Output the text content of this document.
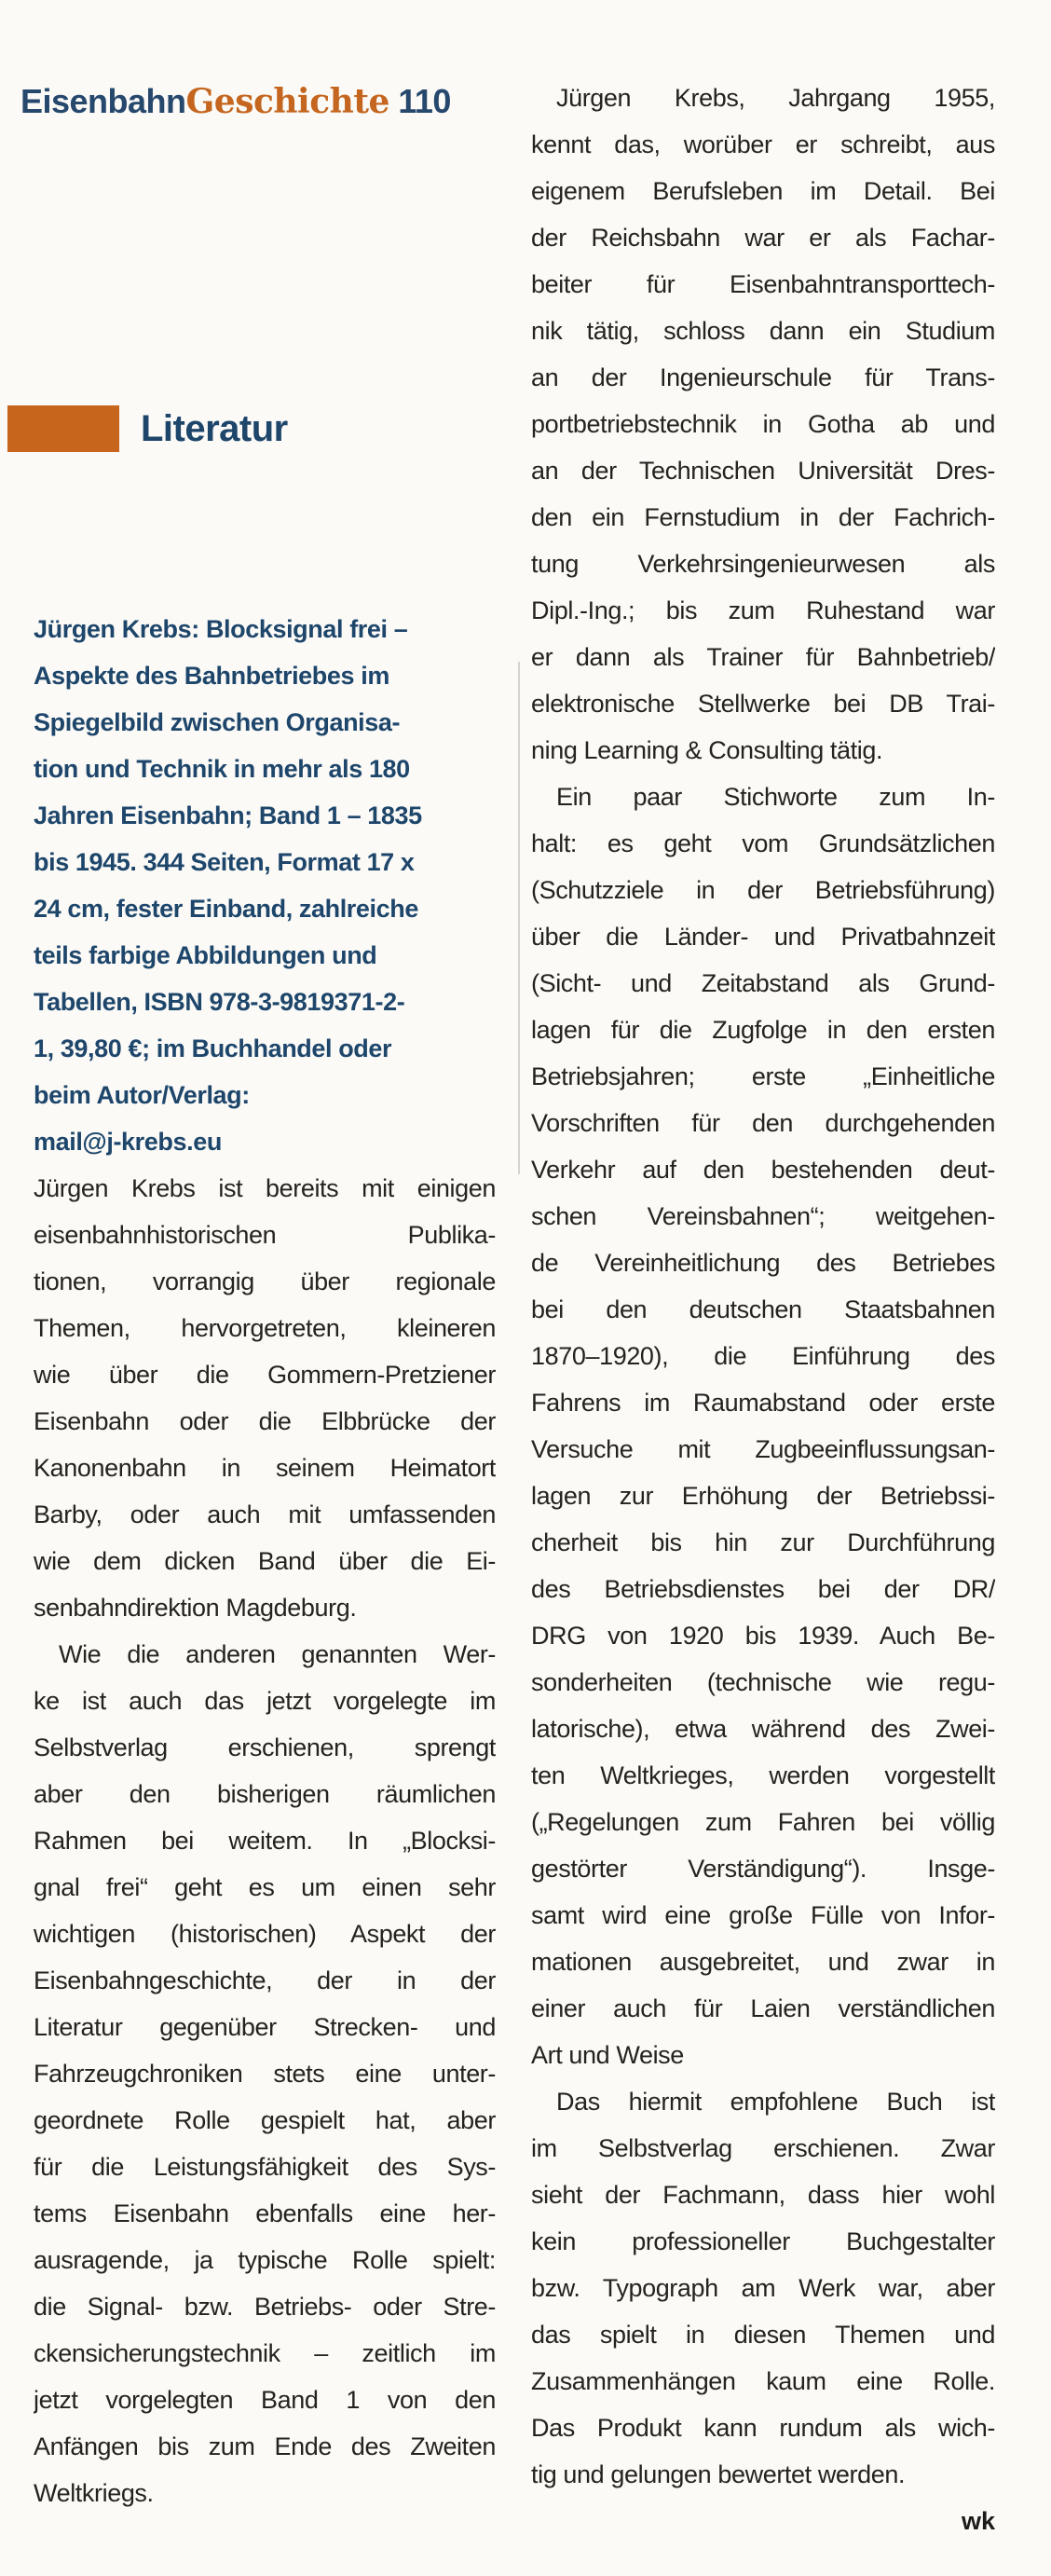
EisenbahnGeschichte 110
Literatur
Jürgen Krebs: Blocksignal frei –
Aspekte des Bahnbetriebes im
Spiegelbild zwischen Organisa-
tion und Technik in mehr als 180
Jahren Eisenbahn; Band 1 – 1835
bis 1945. 344 Seiten, Format 17 x
24 cm, fester Einband, zahlreiche
teils farbige Abbildungen und
Tabellen, ISBN 978-3-9819371-2-
1, 39,80 €; im Buchhandel oder
beim Autor/Verlag:
mail@j-krebs.eu
Jürgen Krebs ist bereits mit einigen
eisenbahnhistorischen Publika-
tionen, vorrangig über regionale
Themen, hervorgetreten, kleineren
wie über die Gommern-Pretziener
Eisenbahn oder die Elbbrücke der
Kanonenbahn in seinem Heimatort
Barby, oder auch mit umfassenden
wie dem dicken Band über die Ei-
senbahndirektion Magdeburg.
Wie die anderen genannten Wer-
ke ist auch das jetzt vorgelegte im
Selbstverlag erschienen, sprengt
aber den bisherigen räumlichen
Rahmen bei weitem. In „Blocksi-
gnal frei“ geht es um einen sehr
wichtigen (historischen) Aspekt der
Eisenbahngeschichte, der in der
Literatur gegenüber Strecken- und
Fahrzeugchroniken stets eine unter-
geordnete Rolle gespielt hat, aber
für die Leistungsfähigkeit des Sys-
tems Eisenbahn ebenfalls eine her-
ausragende, ja typische Rolle spielt:
die Signal- bzw. Betriebs- oder Stre-
ckensicherungstechnik – zeitlich im
jetzt vorgelegten Band 1 von den
Anfängen bis zum Ende des Zweiten
Weltkriegs.
Jürgen Krebs, Jahrgang 1955,
kennt das, worüber er schreibt, aus
eigenem Berufsleben im Detail. Bei
der Reichsbahn war er als Fachar-
beiter für Eisenbahntransporttech-
nik tätig, schloss dann ein Studium
an der Ingenieurschule für Trans-
portbetriebstechnik in Gotha ab und
an der Technischen Universität Dres-
den ein Fernstudium in der Fachrich-
tung Verkehrsingenieurwesen als
Dipl.-Ing.; bis zum Ruhestand war
er dann als Trainer für Bahnbetrieb/
elektronische Stellwerke bei DB Trai-
ning Learning & Consulting tätig.
Ein paar Stichworte zum In-
halt: es geht vom Grundsätzlichen
(Schutzziele in der Betriebsführung)
über die Länder- und Privatbahnzeit
(Sicht- und Zeitabstand als Grund-
lagen für die Zugfolge in den ersten
Betriebsjahren; erste „Einheitliche
Vorschriften für den durchgehenden
Verkehr auf den bestehenden deut-
schen Vereinsbahnen“; weitgehen-
de Vereinheitlichung des Betriebes
bei den deutschen Staatsbahnen
1870–1920), die Einführung des
Fahrens im Raumabstand oder erste
Versuche mit Zugbeeinflussungsan-
lagen zur Erhöhung der Betriebssi-
cherheit bis hin zur Durchführung
des Betriebsdienstes bei der DR/
DRG von 1920 bis 1939. Auch Be-
sonderheiten (technische wie regu-
latorische), etwa während des Zwei-
ten Weltkrieges, werden vorgestellt
(„Regelungen zum Fahren bei völlig
gestörter Verständigung“). Insge-
samt wird eine große Fülle von Infor-
mationen ausgebreitet, und zwar in
einer auch für Laien verständlichen
Art und Weise
Das hiermit empfohlene Buch ist
im Selbstverlag erschienen. Zwar
sieht der Fachmann, dass hier wohl
kein professioneller Buchgestalter
bzw. Typograph am Werk war, aber
das spielt in diesen Themen und
Zusammenhängen kaum eine Rolle.
Das Produkt kann rundum als wich-
tig und gelungen bewertet werden.
wk
